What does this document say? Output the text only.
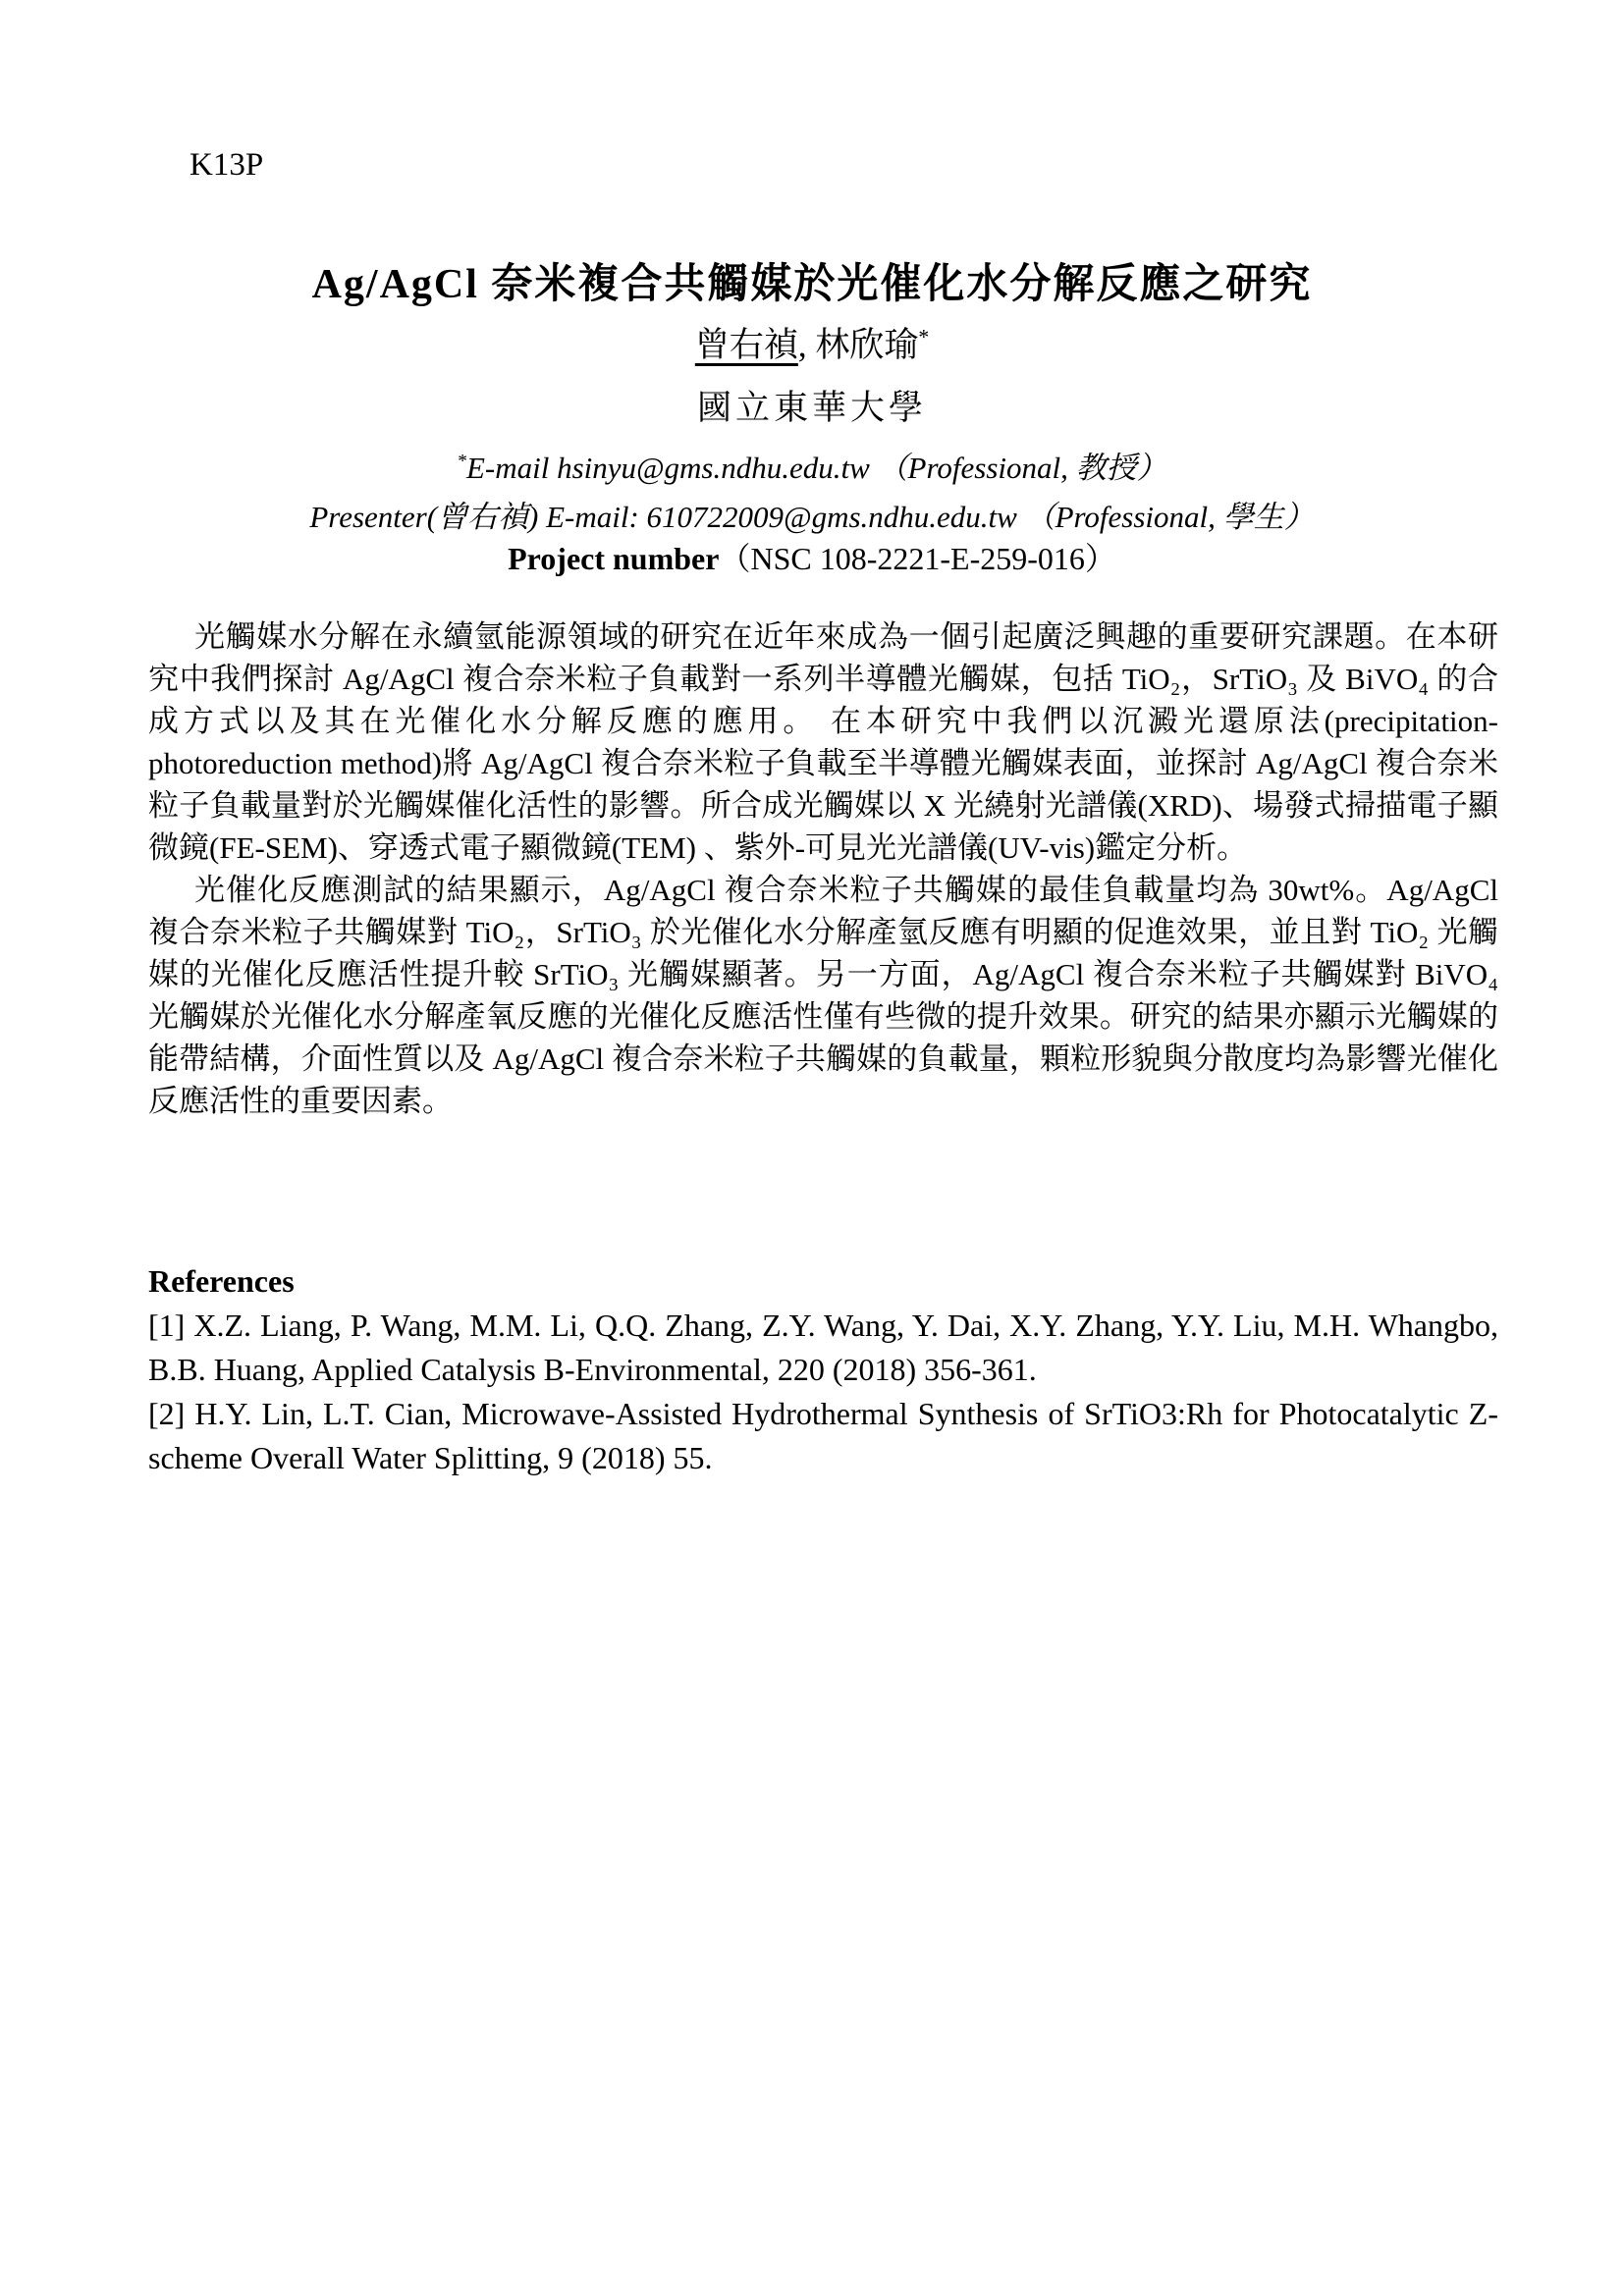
K13P
Ag/AgCl 奈米複合共觸媒於光催化水分解反應之研究
曾右禎, 林欣瑜*
國立東華大學
*E-mail hsinyu@gms.ndhu.edu.tw （Professional, 教授）
Presenter(曾右禎) E-mail: 610722009@gms.ndhu.edu.tw （Professional, 學生）
Project number（NSC 108-2221-E-259-016）

光觸媒水分解在永續氫能源領域的研究在近年來成為一個引起廣泛興趣的重要研究課題。在本研究中我們探討 Ag/AgCl 複合奈米粒子負載對一系列半導體光觸媒，包括 TiO₂，SrTiO₃ 及 BiVO₄ 的合成方式以及其在光催化水分解反應的應用。 在本研究中我們以沉澱光還原法(precipitation-photoreduction method)將 Ag/AgCl 複合奈米粒子負載至半導體光觸媒表面，並探討 Ag/AgCl 複合奈米粒子負載量對於光觸媒催化活性的影響。所合成光觸媒以 X 光繞射光譜儀(XRD)、場發式掃描電子顯微鏡(FE-SEM)、穿透式電子顯微鏡(TEM) 、紫外-可見光光譜儀(UV-vis)鑑定分析。

光催化反應測試的結果顯示，Ag/AgCl 複合奈米粒子共觸媒的最佳負載量均為 30wt%。Ag/AgCl 複合奈米粒子共觸媒對 TiO₂，SrTiO₃ 於光催化水分解產氫反應有明顯的促進效果，並且對 TiO₂ 光觸媒的光催化反應活性提升較 SrTiO₃ 光觸媒顯著。另一方面，Ag/AgCl 複合奈米粒子共觸媒對 BiVO₄ 光觸媒於光催化水分解產氧反應的光催化反應活性僅有些微的提升效果。研究的結果亦顯示光觸媒的能帶結構，介面性質以及 Ag/AgCl 複合奈米粒子共觸媒的負載量，顆粒形貌與分散度均為影響光催化反應活性的重要因素。

References

[1] X.Z. Liang, P. Wang, M.M. Li, Q.Q. Zhang, Z.Y. Wang, Y. Dai, X.Y. Zhang, Y.Y. Liu, M.H. Whangbo, B.B. Huang, Applied Catalysis B-Environmental, 220 (2018) 356-361.

[2] H.Y. Lin, L.T. Cian, Microwave-Assisted Hydrothermal Synthesis of SrTiO3:Rh for Photocatalytic Z-scheme Overall Water Splitting, 9 (2018) 55.
